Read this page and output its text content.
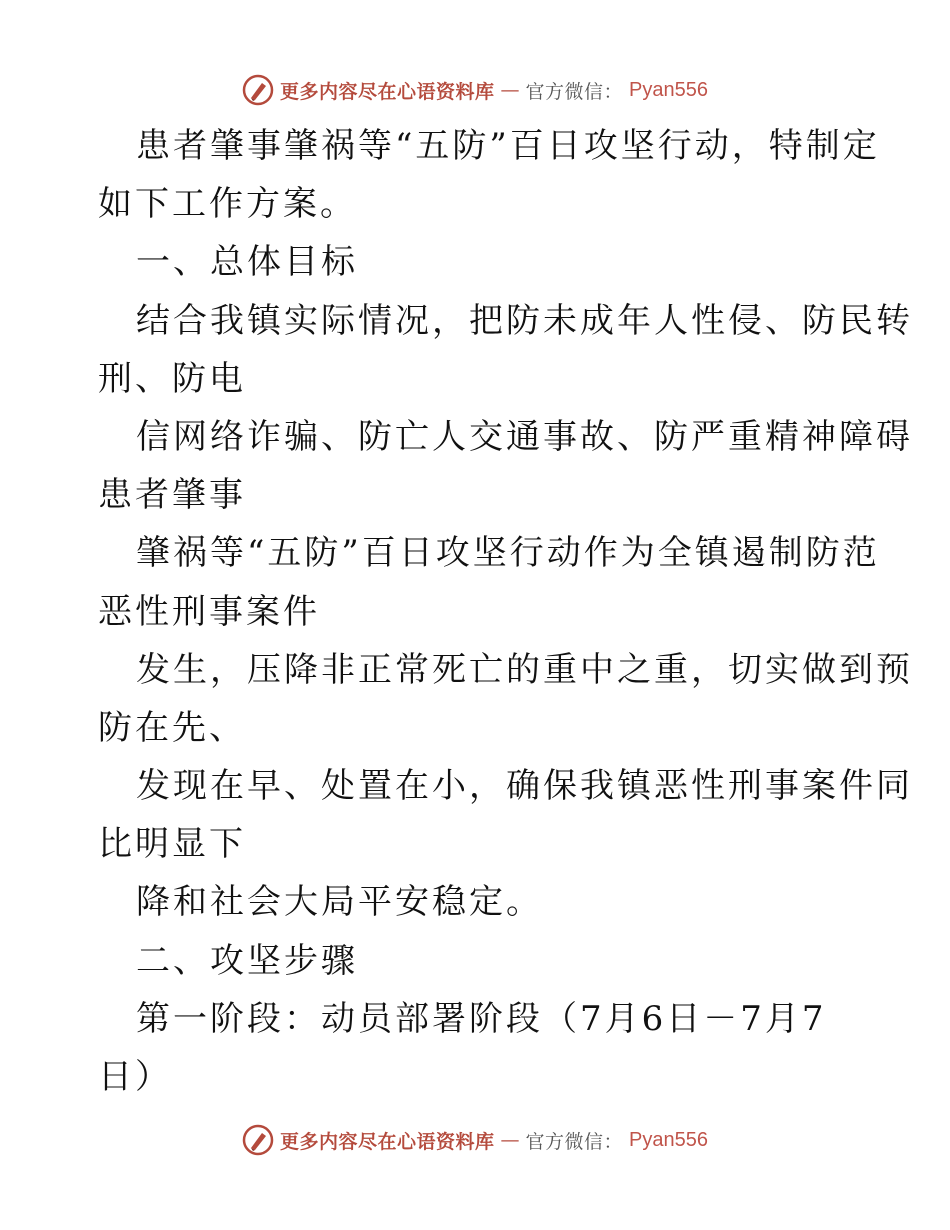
更多内容尽在心语资料库 — 官方微信： Pyan556
患者肇事肇祸等“五防”百日攻坚行动，特制定
如下工作方案。
一、总体目标
结合我镇实际情况，把防未成年人性侵、防民转
刑、防电
信网络诈骗、防亡人交通事故、防严重精神障碍
患者肇事
肇祸等“五防”百日攻坚行动作为全镇遏制防范
恶性刑事案件
发生，压降非正常死亡的重中之重，切实做到预
防在先、
发现在早、处置在小，确保我镇恶性刑事案件同
比明显下
降和社会大局平安稳定。
二、攻坚步骤
第一阶段：动员部署阶段（7月6日－7月7
日）
更多内容尽在心语资料库 — 官方微信： Pyan556
